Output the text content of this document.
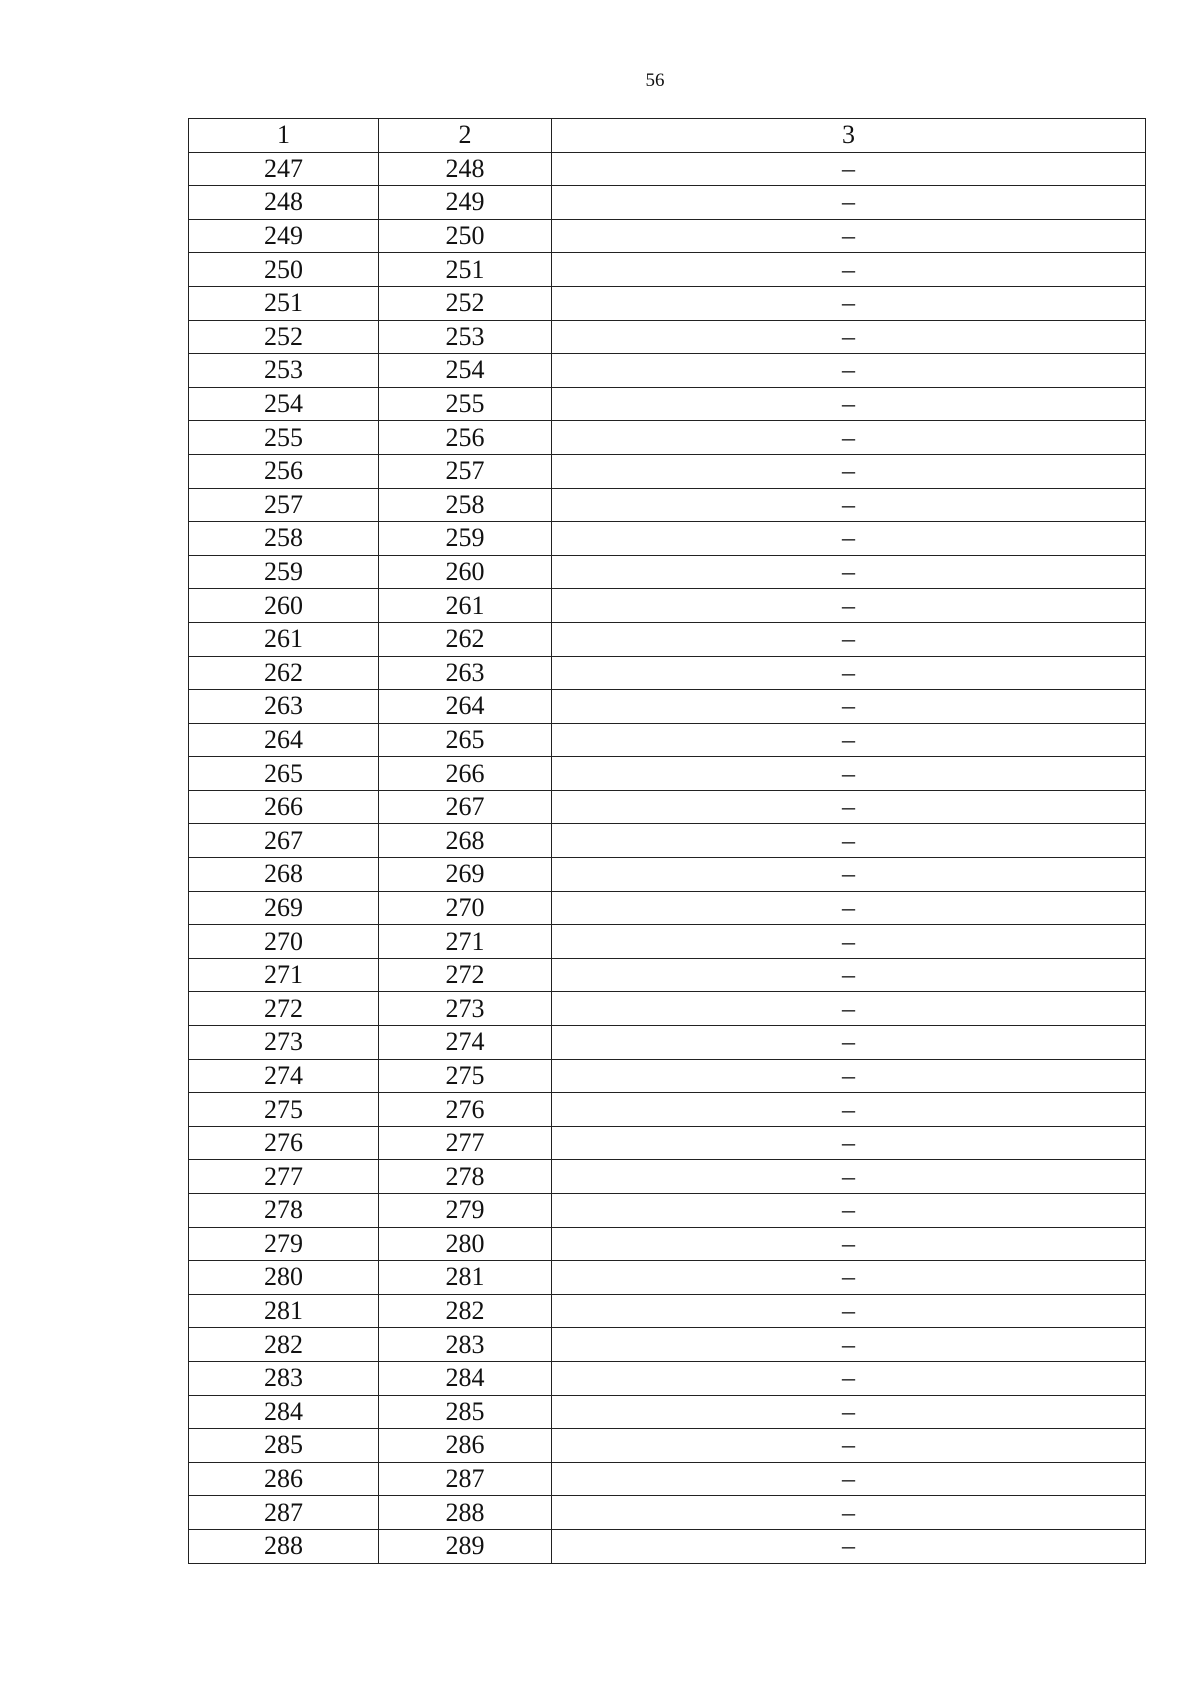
56
1	2	3
247	248	–
248	249	–
249	250	–
250	251	–
251	252	–
252	253	–
253	254	–
254	255	–
255	256	–
256	257	–
257	258	–
258	259	–
259	260	–
260	261	–
261	262	–
262	263	–
263	264	–
264	265	–
265	266	–
266	267	–
267	268	–
268	269	–
269	270	–
270	271	–
271	272	–
272	273	–
273	274	–
274	275	–
275	276	–
276	277	–
277	278	–
278	279	–
279	280	–
280	281	–
281	282	–
282	283	–
283	284	–
284	285	–
285	286	–
286	287	–
287	288	–
288	289	–
